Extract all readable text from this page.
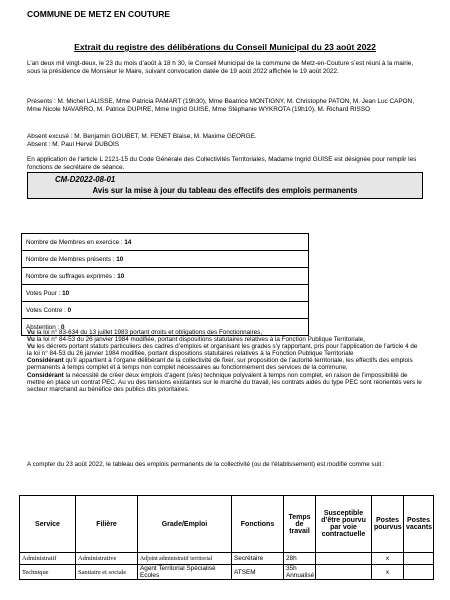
COMMUNE DE METZ EN COUTURE
Extrait du registre des délibérations du Conseil Municipal du 23 août 2022

L’an deux mil vingt-deux, le 23 du mois d’août à 18 h 30, le Conseil Municipal de la commune de Metz-en-Couture s’est réuni à la mairie, sous la présidence de Monsieur le Maire, suivant convocation datée de 19 août 2022 affichée le 19 août 2022.

Présents : M. Michel LALISSE, Mme Patricia PAMART (19h30), Mme Béatrice MONTIGNY, M. Christophe PATON, M. Jean Luc CAPON, Mme Nicole NAVARRO, M. Patrice DUPIRE, Mme Ingrid GUISE, Mme Stéphanie WYKROTA (19h10), M. Richard RISSO

Absent excusé : M. Benjamin GOUBET, M. FENET Blaise, M. Maxime GEORGE.

Absent : M. Paul Hervé DUBOIS

En application de l’article L 2121-15 du Code Générale des Collectivités Territoriales, Madame Ingrid GUISE est désignée pour remplir les fonctions de secrétaire de séance.

CM-D2022-08-01
Avis sur la mise à jour du tableau des effectifs des emplois permanents
Nombre de Membres en exercice : 14
Nombre de Membres présents : 10
Nombre de suffrages exprimés : 10
Votes Pour : 10
Votes Contre : 0
Abstention : 0
Vu la loi n° 83-634 du 13 juillet 1983 portant droits et obligations des Fonctionnaires,
Vu la loi n° 84-53 du 26 janvier 1984 modifiée, portant dispositions statutaires relatives à la Fonction Publique Territoriale,
Vu les décrets portant statuts particuliers des cadres d’emplois et organisant les grades s’y rapportant, pris pour l’application de l’article 4 de la loi n° 84-53 du 26 janvier 1984 modifiée, portant dispositions statutaires relatives à la Fonction Publique Territoriale
Considérant qu’il appartient à l’organe délibérant de la collectivité de fixer, sur proposition de l’autorité territoriale, les effectifs des emplois permanents à temps complet et à temps non complet nécessaires au fonctionnement des services de la commune,
Considérant la nécessité de créer deux emplois d’agent (s/es) technique polyvalent à temps non complet, en raison de l’impossibilité de mettre en place un contrat PEC. Au vu des tensions existantes sur le marché du travail, les contrats aidés du type PEC sont réorientés vers le secteur marchand au bénéfice des publics dits prioritaires.

A compter du 23 août 2022, le tableau des emplois permanents de la collectivité (ou de l’établissement) est modifié comme suit :

Service	Filière	Grade/Emploi	Fonctions	Temps de travail	Susceptible d’être pourvu par voie contractuelle	Postes pourvus	Postes vacants
Administratif	Administrative	Adjoint administratif territorial	Secrétaire	28h		x	
Technique	Sanitaire et sociale	Agent Territorial Spécialisé Ecoles	ATSEM	35h Annualisé		x	
